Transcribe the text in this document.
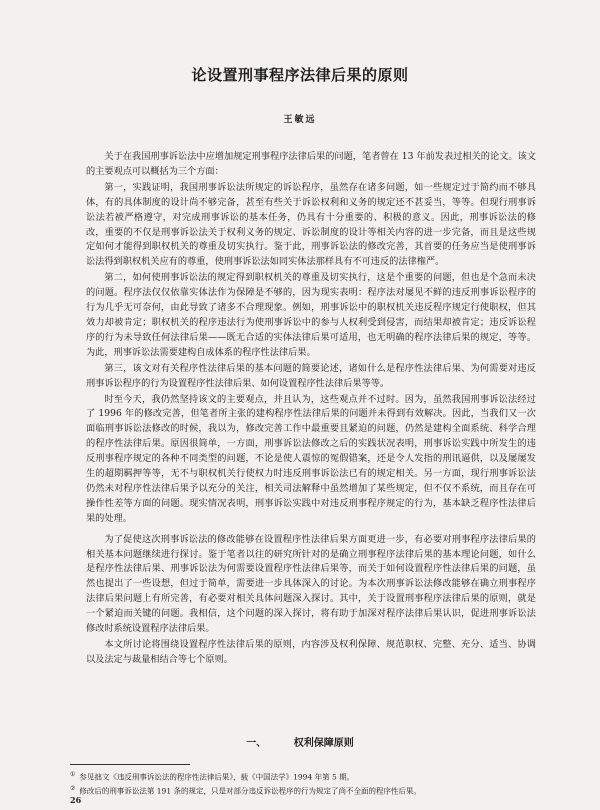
论设置刑事程序法律后果的原则
王敏远

关于在我国刑事诉讼法中应增加规定刑事程序法律后果的问题，笔者曾在 13 年前发表过相关的论文。该文的主要观点可以概括为三个方面：

第一，实践证明，我国刑事诉讼法所规定的诉讼程序，虽然存在诸多问题，如一些规定过于简约而不够具体，有的具体制度的设计尚不够完备，甚至有些关于诉讼权利和义务的规定还不甚妥当，等等。但现行刑事诉讼法若被严格遵守，对完成刑事诉讼的基本任务，仍具有十分重要的、积极的意义。因此，刑事诉讼法的修改，重要的不仅是刑事诉讼法关于权利义务的规定、诉讼制度的设计等相关内容的进一步完备，而且是这些规定如何才能得到职权机关的尊重及切实执行。鉴于此，刑事诉讼法的修改完善，其首要的任务应当是使刑事诉讼法得到职权机关应有的尊重，使刑事诉讼法如同实体法那样具有不可违反的法律権严。

第二，如何使刑事诉讼法的规定得到职权机关的尊重及切实执行，这是个重要的问题，但也是个急而未决的问题。程序法仅仅依靠实体法作为保障是不够的，因为现实表明：程序法对屡见不鲜的违反刑事诉讼程序的行为几乎无可奈何，由此导致了诸多不合理现象。例如，刑事诉讼中的职权机关违反程序规定行使职权，但其效力却被肯定；职权机关的程序违法行为使刑事诉讼中的参与人权利受到侵害，而结果却被肯定；违反诉讼程序的行为未导致任何法律后果——既无合适的实体法律后果可适用，也无明确的程序法律后果的规定，等等。为此，刑事诉讼法需要建构自成体系的程序性法律后果。

第三，该文对有关程序性法律后果的基本问题的简要论述，诸如什么是程序性法律后果、为何需要对违反刑事诉讼程序的行为设置程序性法律后果、如何设置程序性法律后果等等。

时至今天，我仍然坚持该文的主要观点，并且认为，这些观点并不过时。因为，虽然我国刑事诉讼法经过了 1996 年的修改完善，但笔者所主张的建构程序性法律后果的问题并未得到有效解决。因此，当我们又一次面临刑事诉讼法修改的时候，我以为，修改完善工作中最重要且紧迫的问题，仍然是建构全面系统、科学合理的程序性法律后果。原因很简单，一方面，刑事诉讼法修改之后的实践状况表明，刑事诉讼实践中所发生的违反刑事程序规定的各种不同类型的问题，不论是使人震惊的冤假错案，还是令人发指的刑讯逼供，以及屡屡发生的超期羁押等等，无不与职权机关行使权力时违反刑事诉讼法已有的规定相关。另一方面，现行刑事诉讼法仍然未对程序性法律后果予以充分的关注，相关司法解释中虽然增加了某些规定，但不仅不系统，而且存在可操作性差等方面的问题。现实情况表明，刑事诉讼实践中对违反刑事程序规定的行为，基本缺乏程序性法律后果的处理。

为了促使这次刑事诉讼法的修改能够在设置程序性法律后果方面更进一步，有必要对刑事程序法律后果的相关基本问题继续进行探讨。鉴于笔者以往的研究所针对的是确立刑事程序法律后果的基本理论问题，如什么是程序性法律后果、刑事诉讼法为何需要设置程序性法律后果等，而关于如何设置程序性法律后果的问题，虽然也提出了一些设想，但过于简单，需要进一步具体深入的讨论。为本次刑事诉讼法修改能够在确立刑事程序法律后果问题上有所完善，有必要对相关具体问题深入探讨。其中，关于设置刑事程序法律后果的原则，就是一个紧迫而关键的问题。我相信，这个问题的深入探讨，将有助于加深对程序法律后果认识，促进刑事诉讼法修改时系统设置程序法律后果。

本文所讨论将围绕设置程序性法律后果的原则，内容涉及权利保障、规范职权、完整、充分、适当、协调以及法定与裁量相结合等七个原则。

一、	权利保障原则
① 参见拙文《违反刑事诉讼法的程序性法律后果》，载《中国法学》1994 年第 5 期。
② 修改后的刑事诉讼法第 191 条的规定，只是对部分违反诉讼程序的行为规定了尚不全面的程序性后果。
26
